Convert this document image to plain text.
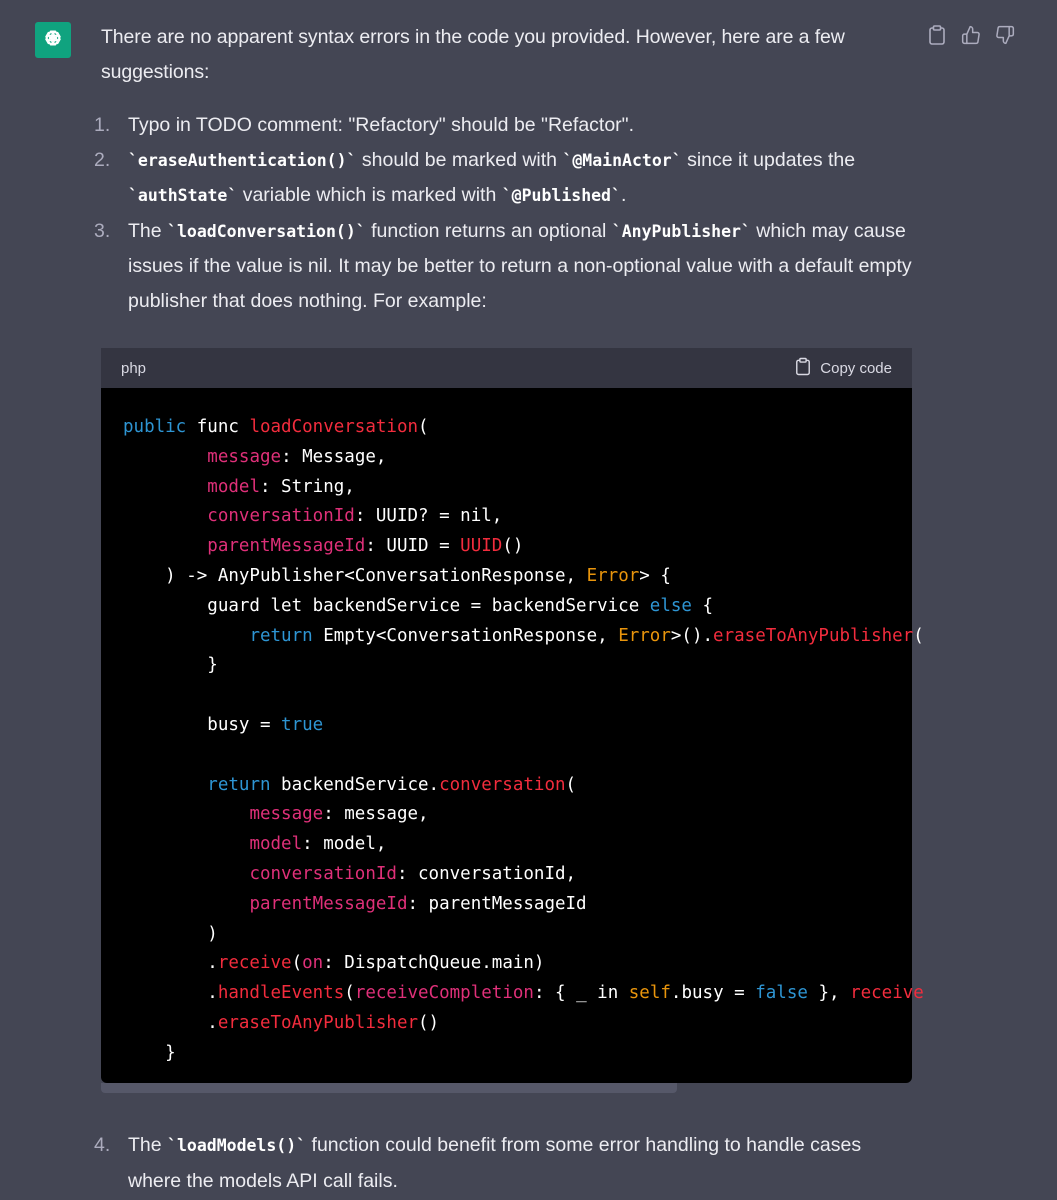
There are no apparent syntax errors in the code you provided. However, here are a few suggestions:

1. Typo in TODO comment: "Refactory" should be "Refactor".
2. `eraseAuthentication()` should be marked with `@MainActor` since it updates the `authState` variable which is marked with `@Published`.
3. The `loadConversation()` function returns an optional `AnyPublisher` which may cause issues if the value is nil. It may be better to return a non-optional value with a default empty publisher that does nothing. For example:
php	Copy code
public func loadConversation(
message: Message,
model: String,
conversationId: UUID? = nil,
parentMessageId: UUID = UUID()
) -> AnyPublisher<ConversationResponse, Error> {
guard let backendService = backendService else {
return Empty<ConversationResponse, Error>().eraseToAnyPublisher(
}
busy = true
return backendService.conversation(
message: message,
model: model,
conversationId: conversationId,
parentMessageId: parentMessageId
)
.receive(on: DispatchQueue.main)
.handleEvents(receiveCompletion: { _ in self.busy = false }, receive
.eraseToAnyPublisher()
}
4. The `loadModels()` function could benefit from some error handling to handle cases where the models API call fails.
